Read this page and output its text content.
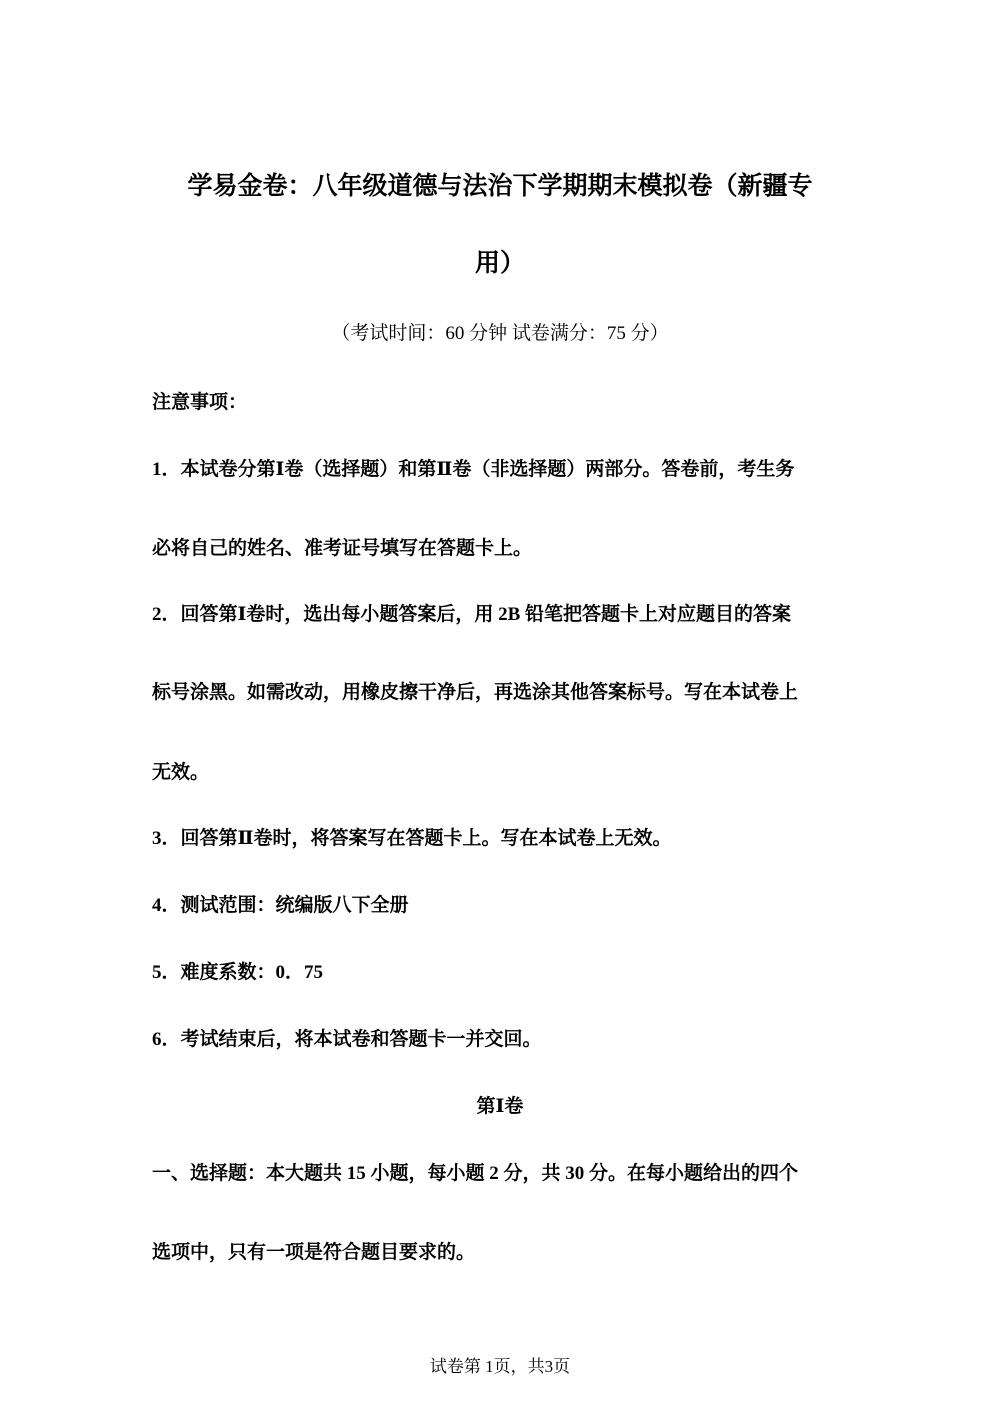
学易金卷：八年级道德与法治下学期期末模拟卷（新疆专
用）
（考试时间：60 分钟 试卷满分：75 分）
注意事项：
1．本试卷分第Ⅰ卷（选择题）和第Ⅱ卷（非选择题）两部分。答卷前，考生务
必将自己的姓名、准考证号填写在答题卡上。
2．回答第Ⅰ卷时，选出每小题答案后，用 2B 铅笔把答题卡上对应题目的答案
标号涂黑。如需改动，用橡皮擦干净后，再选涂其他答案标号。写在本试卷上
无效。
3．回答第Ⅱ卷时，将答案写在答题卡上。写在本试卷上无效。
4．测试范围：统编版八下全册
5．难度系数：0．75
6．考试结束后，将本试卷和答题卡一并交回。
第Ⅰ卷
一、选择题：本大题共 15 小题，每小题 2 分，共 30 分。在每小题给出的四个
选项中，只有一项是符合题目要求的。
试卷第 1页，共3页
